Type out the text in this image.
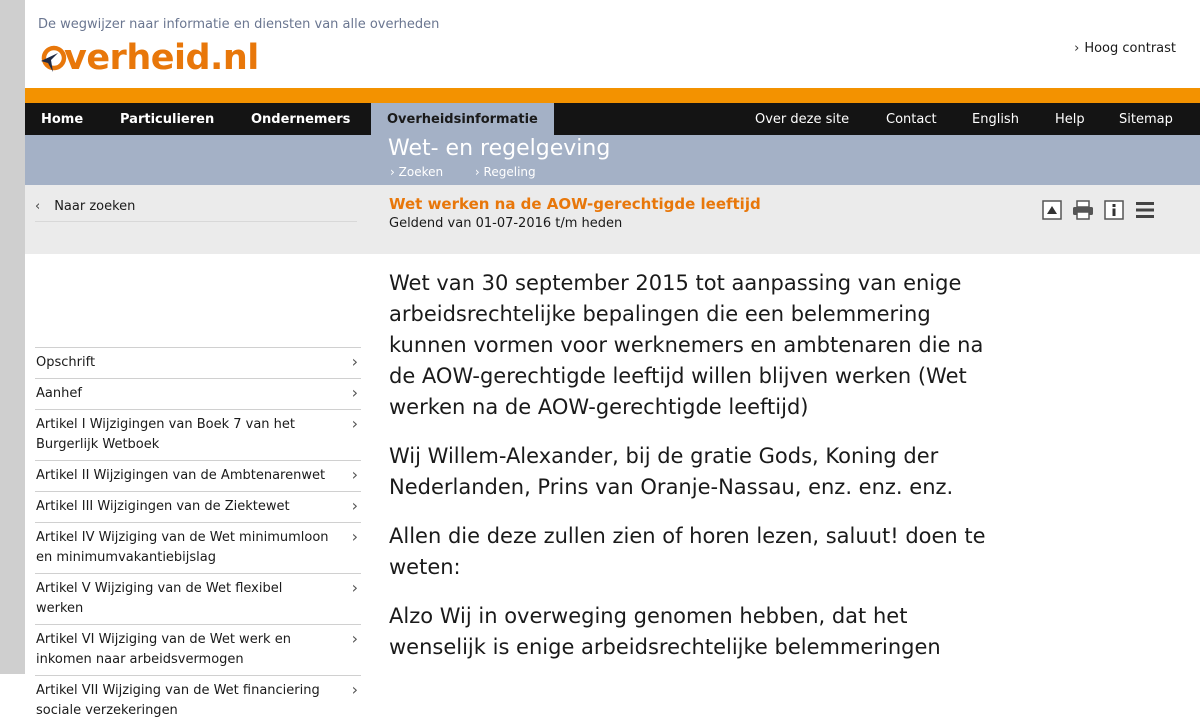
De wegwijzer naar informatie en diensten van alle overheden
verheid.nl	› Hoog contrast
Home	Particulieren	Ondernemers	Overheidsinformatie	Over deze site	Contact	English	Help	Sitemap
Wet- en regelgeving
› Zoeken	› Regeling
‹ Naar zoeken	Wet werken na de AOW-gerechtigde leeftijd
Geldend van 01-07-2016 t/m heden
Opschrift	›
Aanhef	›
Artikel I Wijzigingen van Boek 7 van het Burgerlijk Wetboek
›
Artikel II Wijzigingen van de Ambtenarenwet ›
Artikel III Wijzigingen van de Ziektewet	›
Artikel IV Wijziging van de Wet minimumloon en minimumvakantiebijslag
›
Artikel V Wijziging van de Wet flexibel werken
›
Artikel VI Wijziging van de Wet werk en inkomen naar arbeidsvermogen
›
Artikel VII Wijziging van de Wet financiering sociale verzekeringen
›

Wet van 30 september 2015 tot aanpassing van enige arbeidsrechtelijke bepalingen die een belemmering kunnen vormen voor werknemers en ambtenaren die na de AOW-gerechtigde leeftijd willen blijven werken (Wet werken na de AOW-gerechtigde leeftijd)

Wij Willem-Alexander, bij de gratie Gods, Koning der Nederlanden, Prins van Oranje-Nassau, enz. enz. enz.

Allen die deze zullen zien of horen lezen, saluut! doen te weten:

Alzo Wij in overweging genomen hebben, dat het wenselijk is enige arbeidsrechtelijke belemmeringen
